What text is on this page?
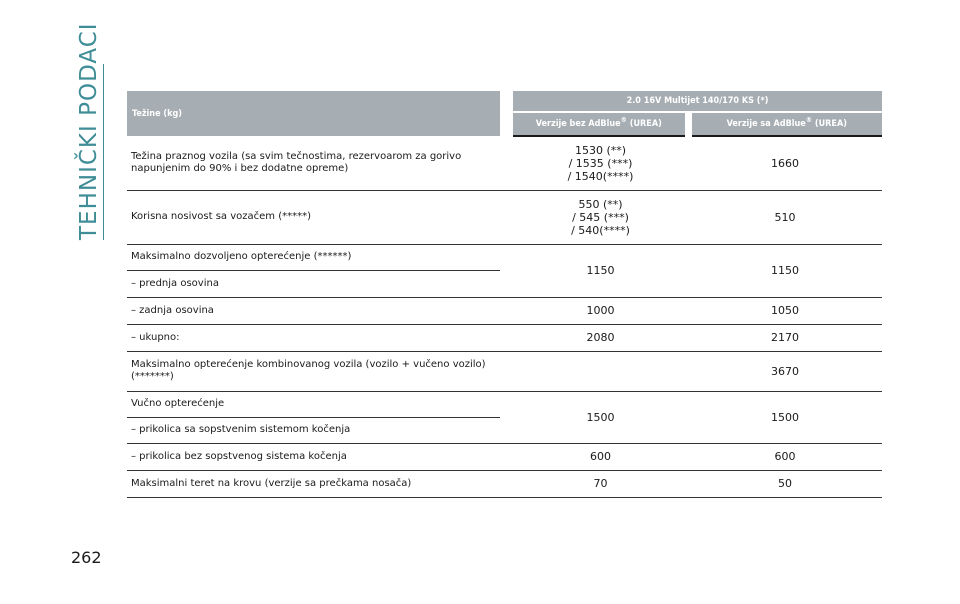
TEHNIČKI PODACI	Težine (kg)		2.0 16V Multijet 140/170 KS (*)	
		Verzije bez AdBlue® (UREA)	Verzije sa AdBlue® (UREA)
Težina praznog vozila (sa svim tečnostima, rezervoarom za gorivo napunjenim do 90% i bez dodatne opreme)		1530 (**)
/ 1535 (***)
/ 1540(****)	1660
Korisna nosivost sa vozačem (*****)		550 (**)
/ 545 (***)
/ 540(****)	510
Maksimalno dozvoljeno opterećenje (******)		1150	1150
– prednja osovina			
– zadnja osovina		1000	1050
– ukupno:		2080	2170
Maksimalno opterećenje kombinovanog vozila (vozilo + vučeno vozilo) (*******)			3670
Vučno opterećenje		1500	1500
– prikolica sa sopstvenim sistemom kočenja			
– prikolica bez sopstvenog sistema kočenja		600	600
Maksimalni teret na krovu (verzije sa prečkama nosača)		70	50
262
